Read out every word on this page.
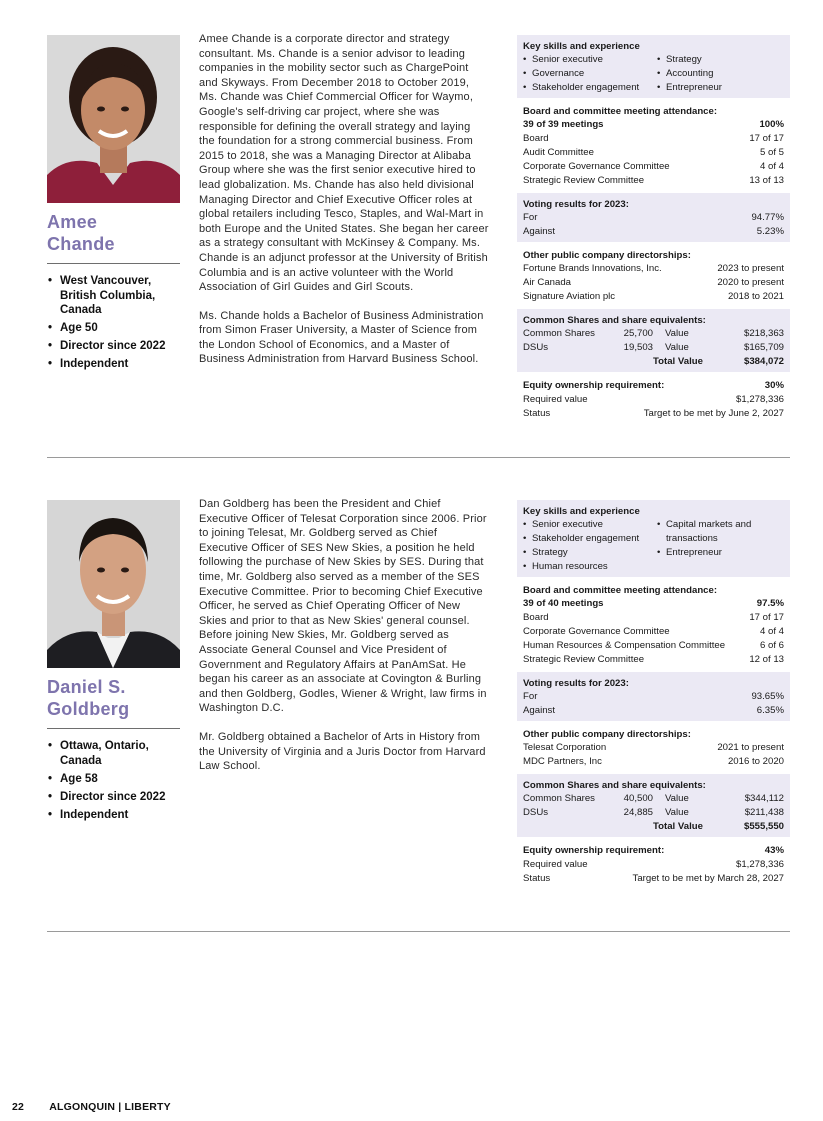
Amee
Chande
• West Vancouver, British Columbia, Canada
• Age 50
• Director since 2022
• Independent

Amee Chande is a corporate director and strategy consultant. Ms. Chande is a senior advisor to leading companies in the mobility sector such as ChargePoint and Skyways. From December 2018 to October 2019, Ms. Chande was Chief Commercial Officer for Waymo, Google's self-driving car project, where she was responsible for defining the overall strategy and laying the foundation for a strong commercial business. From 2015 to 2018, she was a Managing Director at Alibaba Group where she was the first senior executive hired to lead globalization. Ms. Chande has also held divisional Managing Director and Chief Executive Officer roles at global retailers including Tesco, Staples, and Wal-Mart in both Europe and the United States. She began her career as a strategy consultant with McKinsey & Company. Ms. Chande is an adjunct professor at the University of British Columbia and is an active volunteer with the World Association of Girl Guides and Girl Scouts.

Ms. Chande holds a Bachelor of Business Administration from Simon Fraser University, a Master of Science from the London School of Economics, and a Master of Business Administration from Harvard Business School.

Key skills and experience
• Senior executive
• Governance
• Stakeholder engagement
• Strategy
• Accounting
• Entrepreneur
Board and committee meeting attendance:
39 of 39 meetings	100%
Board	17 of 17
Audit Committee	5 of 5
Corporate Governance Committee	4 of 4
Strategic Review Committee	13 of 13
Voting results for 2023:
For	94.77%
Against	5.23%
Other public company directorships:
Fortune Brands Innovations, Inc.	2023 to present
Air Canada	2020 to present
Signature Aviation plc	2018 to 2021
Common Shares and share equivalents:
Common Shares	25,700	Value	$218,363
DSUs	19,503	Value	$165,709
Total Value	$384,072
Equity ownership requirement:	30%
Required value	$1,278,336
Status	Target to be met by June 2, 2027
Daniel S.
Goldberg
• Ottawa, Ontario, Canada
• Age 58
• Director since 2022
• Independent

Dan Goldberg has been the President and Chief Executive Officer of Telesat Corporation since 2006. Prior to joining Telesat, Mr. Goldberg served as Chief Executive Officer of SES New Skies, a position he held following the purchase of New Skies by SES. During that time, Mr. Goldberg also served as a member of the SES Executive Committee. Prior to becoming Chief Executive Officer, he served as Chief Operating Officer of New Skies and prior to that as New Skies' general counsel. Before joining New Skies, Mr. Goldberg served as Associate General Counsel and Vice President of Government and Regulatory Affairs at PanAmSat. He began his career as an associate at Covington & Burling and then Goldberg, Godles, Wiener & Wright, law firms in Washington D.C.

Mr. Goldberg obtained a Bachelor of Arts in History from the University of Virginia and a Juris Doctor from Harvard Law School.

Key skills and experience
• Senior executive
• Stakeholder engagement
• Strategy
• Human resources
• Capital markets and transactions
• Entrepreneur
Board and committee meeting attendance:
39 of 40 meetings	97.5%
Board	17 of 17
Corporate Governance Committee	4 of 4
Human Resources & Compensation Committee	6 of 6
Strategic Review Committee	12 of 13
Voting results for 2023:
For	93.65%
Against	6.35%
Other public company directorships:
Telesat Corporation	2021 to present
MDC Partners, Inc	2016 to 2020
Common Shares and share equivalents:
Common Shares	40,500	Value	$344,112
DSUs	24,885	Value	$211,438
Total Value	$555,550
Equity ownership requirement:	43%
Required value	$1,278,336
Status	Target to be met by March 28, 2027
22 ALGONQUIN | LIBERTY
